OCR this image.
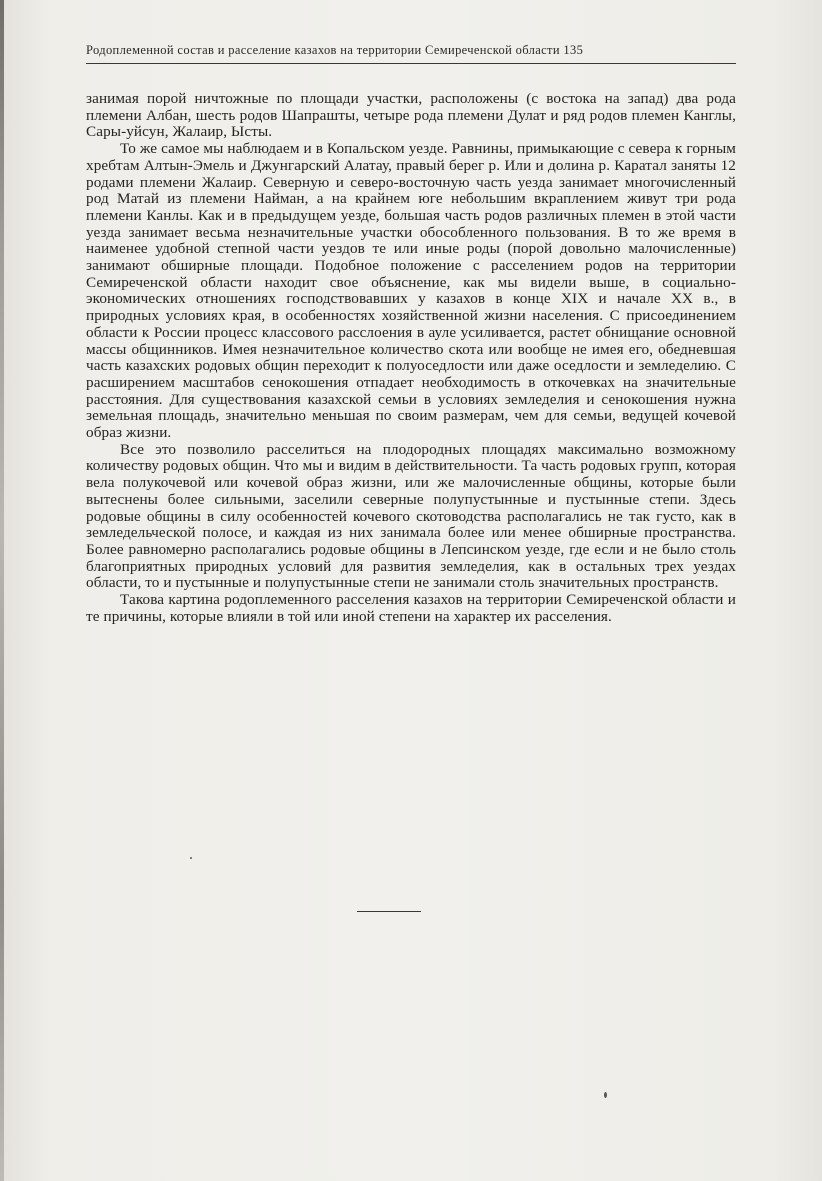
Родоплеменной состав и расселение казахов на территории Семиреченской области 135

занимая порой ничтожные по площади участки, расположены (с востока на запад) два рода племени Албан, шесть родов Шапрашты, четыре рода племени Дулат и ряд родов племен Канглы, Сары-уйсун, Жалаир, Ысты.

То же самое мы наблюдаем и в Копальском уезде. Равнины, примыкающие с севера к горным хребтам Алтын-Эмель и Джунгарский Алатау, правый берег р. Или и долина р. Каратал заняты 12 родами племени Жалаир. Северную и северо-восточную часть уезда занимает многочисленный род Матай из племени Найман, а на крайнем юге небольшим вкраплением живут три рода племени Канлы. Как и в предыдущем уезде, большая часть родов различных племен в этой части уезда занимает весьма незначительные участки обособленного пользования. В то же время в наименее удобной степной части уездов те или иные роды (порой довольно малочисленные) занимают обширные площади. Подобное положение с расселением родов на территории Семиреченской области находит свое объяснение, как мы видели выше, в социально-экономических отношениях господствовавших у казахов в конце XIX и начале XX в., в природных условиях края, в особенностях хозяйственной жизни населения. С присоединением области к России процесс классового расслоения в ауле усиливается, растет обнищание основной массы общинников. Имея незначительное количество скота или вообще не имея его, обедневшая часть казахских родовых общин переходит к полуоседлости или даже оседлости и земледелию. С расширением масштабов сенокошения отпадает необходимость в откочевках на значительные расстояния. Для существования казахской семьи в условиях земледелия и сенокошения нужна земельная площадь, значительно меньшая по своим размерам, чем для семьи, ведущей кочевой образ жизни.

Все это позволило расселиться на плодородных площадях максимально возможному количеству родовых общин. Что мы и видим в действительности. Та часть родовых групп, которая вела полукочевой или кочевой образ жизни, или же малочисленные общины, которые были вытеснены более сильными, заселили северные полупустынные и пустынные степи. Здесь родовые общины в силу особенностей кочевого скотоводства располагались не так густо, как в земледельческой полосе, и каждая из них занимала более или менее обширные пространства. Более равномерно располагались родовые общины в Лепсинском уезде, где если и не было столь благоприятных природных условий для развития земледелия, как в остальных трех уездах области, то и пустынные и полупустынные степи не занимали столь значительных пространств.

Такова картина родоплеменного расселения казахов на территории Семиреченской области и те причины, которые влияли в той или иной степени на характер их расселения.
